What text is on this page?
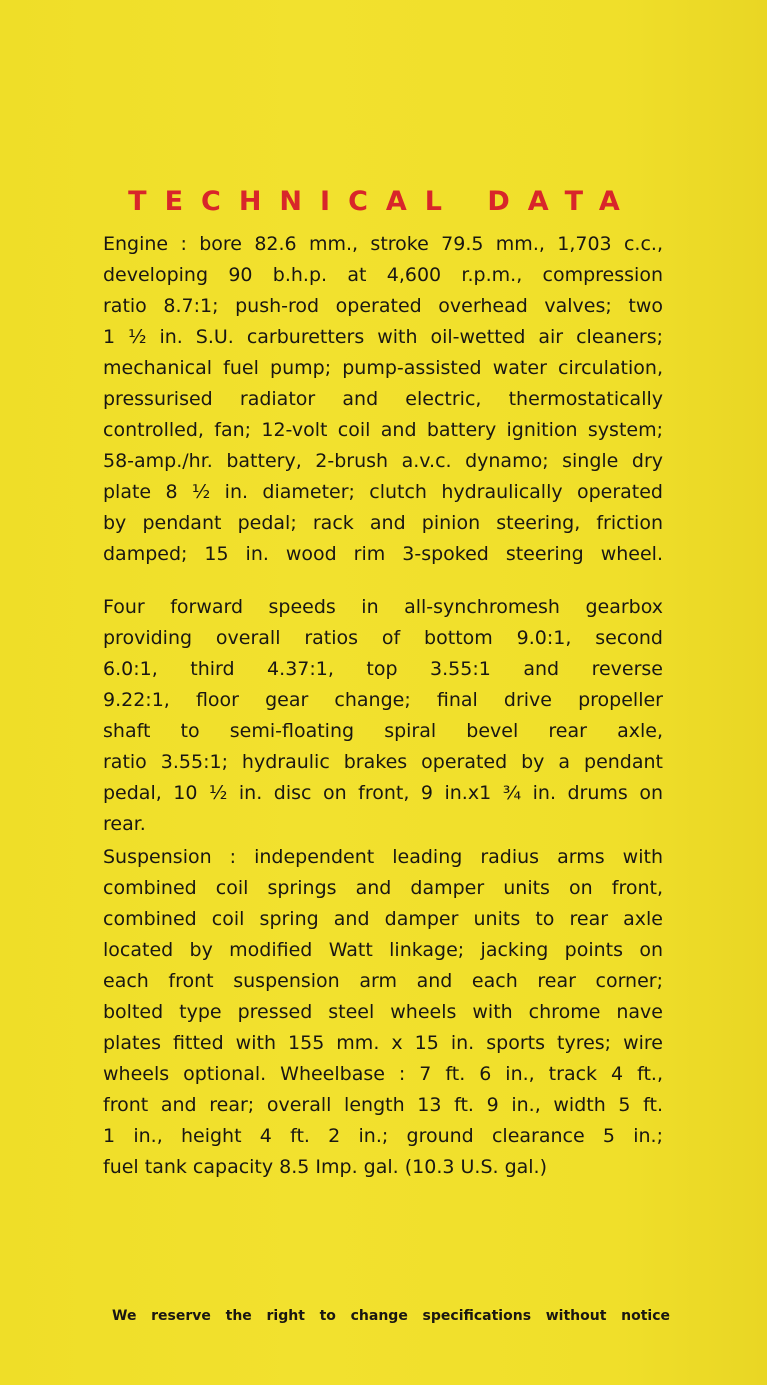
TECHNICAL DATA
Engine : bore 82.6 mm., stroke 79.5 mm., 1,703 c.c.,
developing 90 b.h.p. at 4,600 r.p.m., compression
ratio 8.7:1; push-rod operated overhead valves; two
1 ½ in. S.U. carburetters with oil-wetted air cleaners;
mechanical fuel pump; pump-assisted water circulation,
pressurised radiator and electric, thermostatically
controlled, fan; 12-volt coil and battery ignition system;
58-amp./hr. battery, 2-brush a.v.c. dynamo; single dry
plate 8 ½ in. diameter; clutch hydraulically operated
by pendant pedal; rack and pinion steering, friction
damped; 15 in. wood rim 3-spoked steering wheel.
Four forward speeds in all-synchromesh gearbox
providing overall ratios of bottom 9.0:1, second
6.0:1, third 4.37:1, top 3.55:1 and reverse
9.22:1, floor gear change; final drive propeller
shaft to semi-floating spiral bevel rear axle,
ratio 3.55:1; hydraulic brakes operated by a pendant
pedal, 10 ½ in. disc on front, 9 in.x1 ¾ in. drums on
rear.
Suspension : independent leading radius arms with
combined coil springs and damper units on front,
combined coil spring and damper units to rear axle
located by modified Watt linkage; jacking points on
each front suspension arm and each rear corner;
bolted type pressed steel wheels with chrome nave
plates fitted with 155 mm. x 15 in. sports tyres; wire
wheels optional. Wheelbase : 7 ft. 6 in., track 4 ft.,
front and rear; overall length 13 ft. 9 in., width 5 ft.
1 in., height 4 ft. 2 in.; ground clearance 5 in.;
fuel tank capacity 8.5 Imp. gal. (10.3 U.S. gal.)
We reserve the right to change specifications without notice
